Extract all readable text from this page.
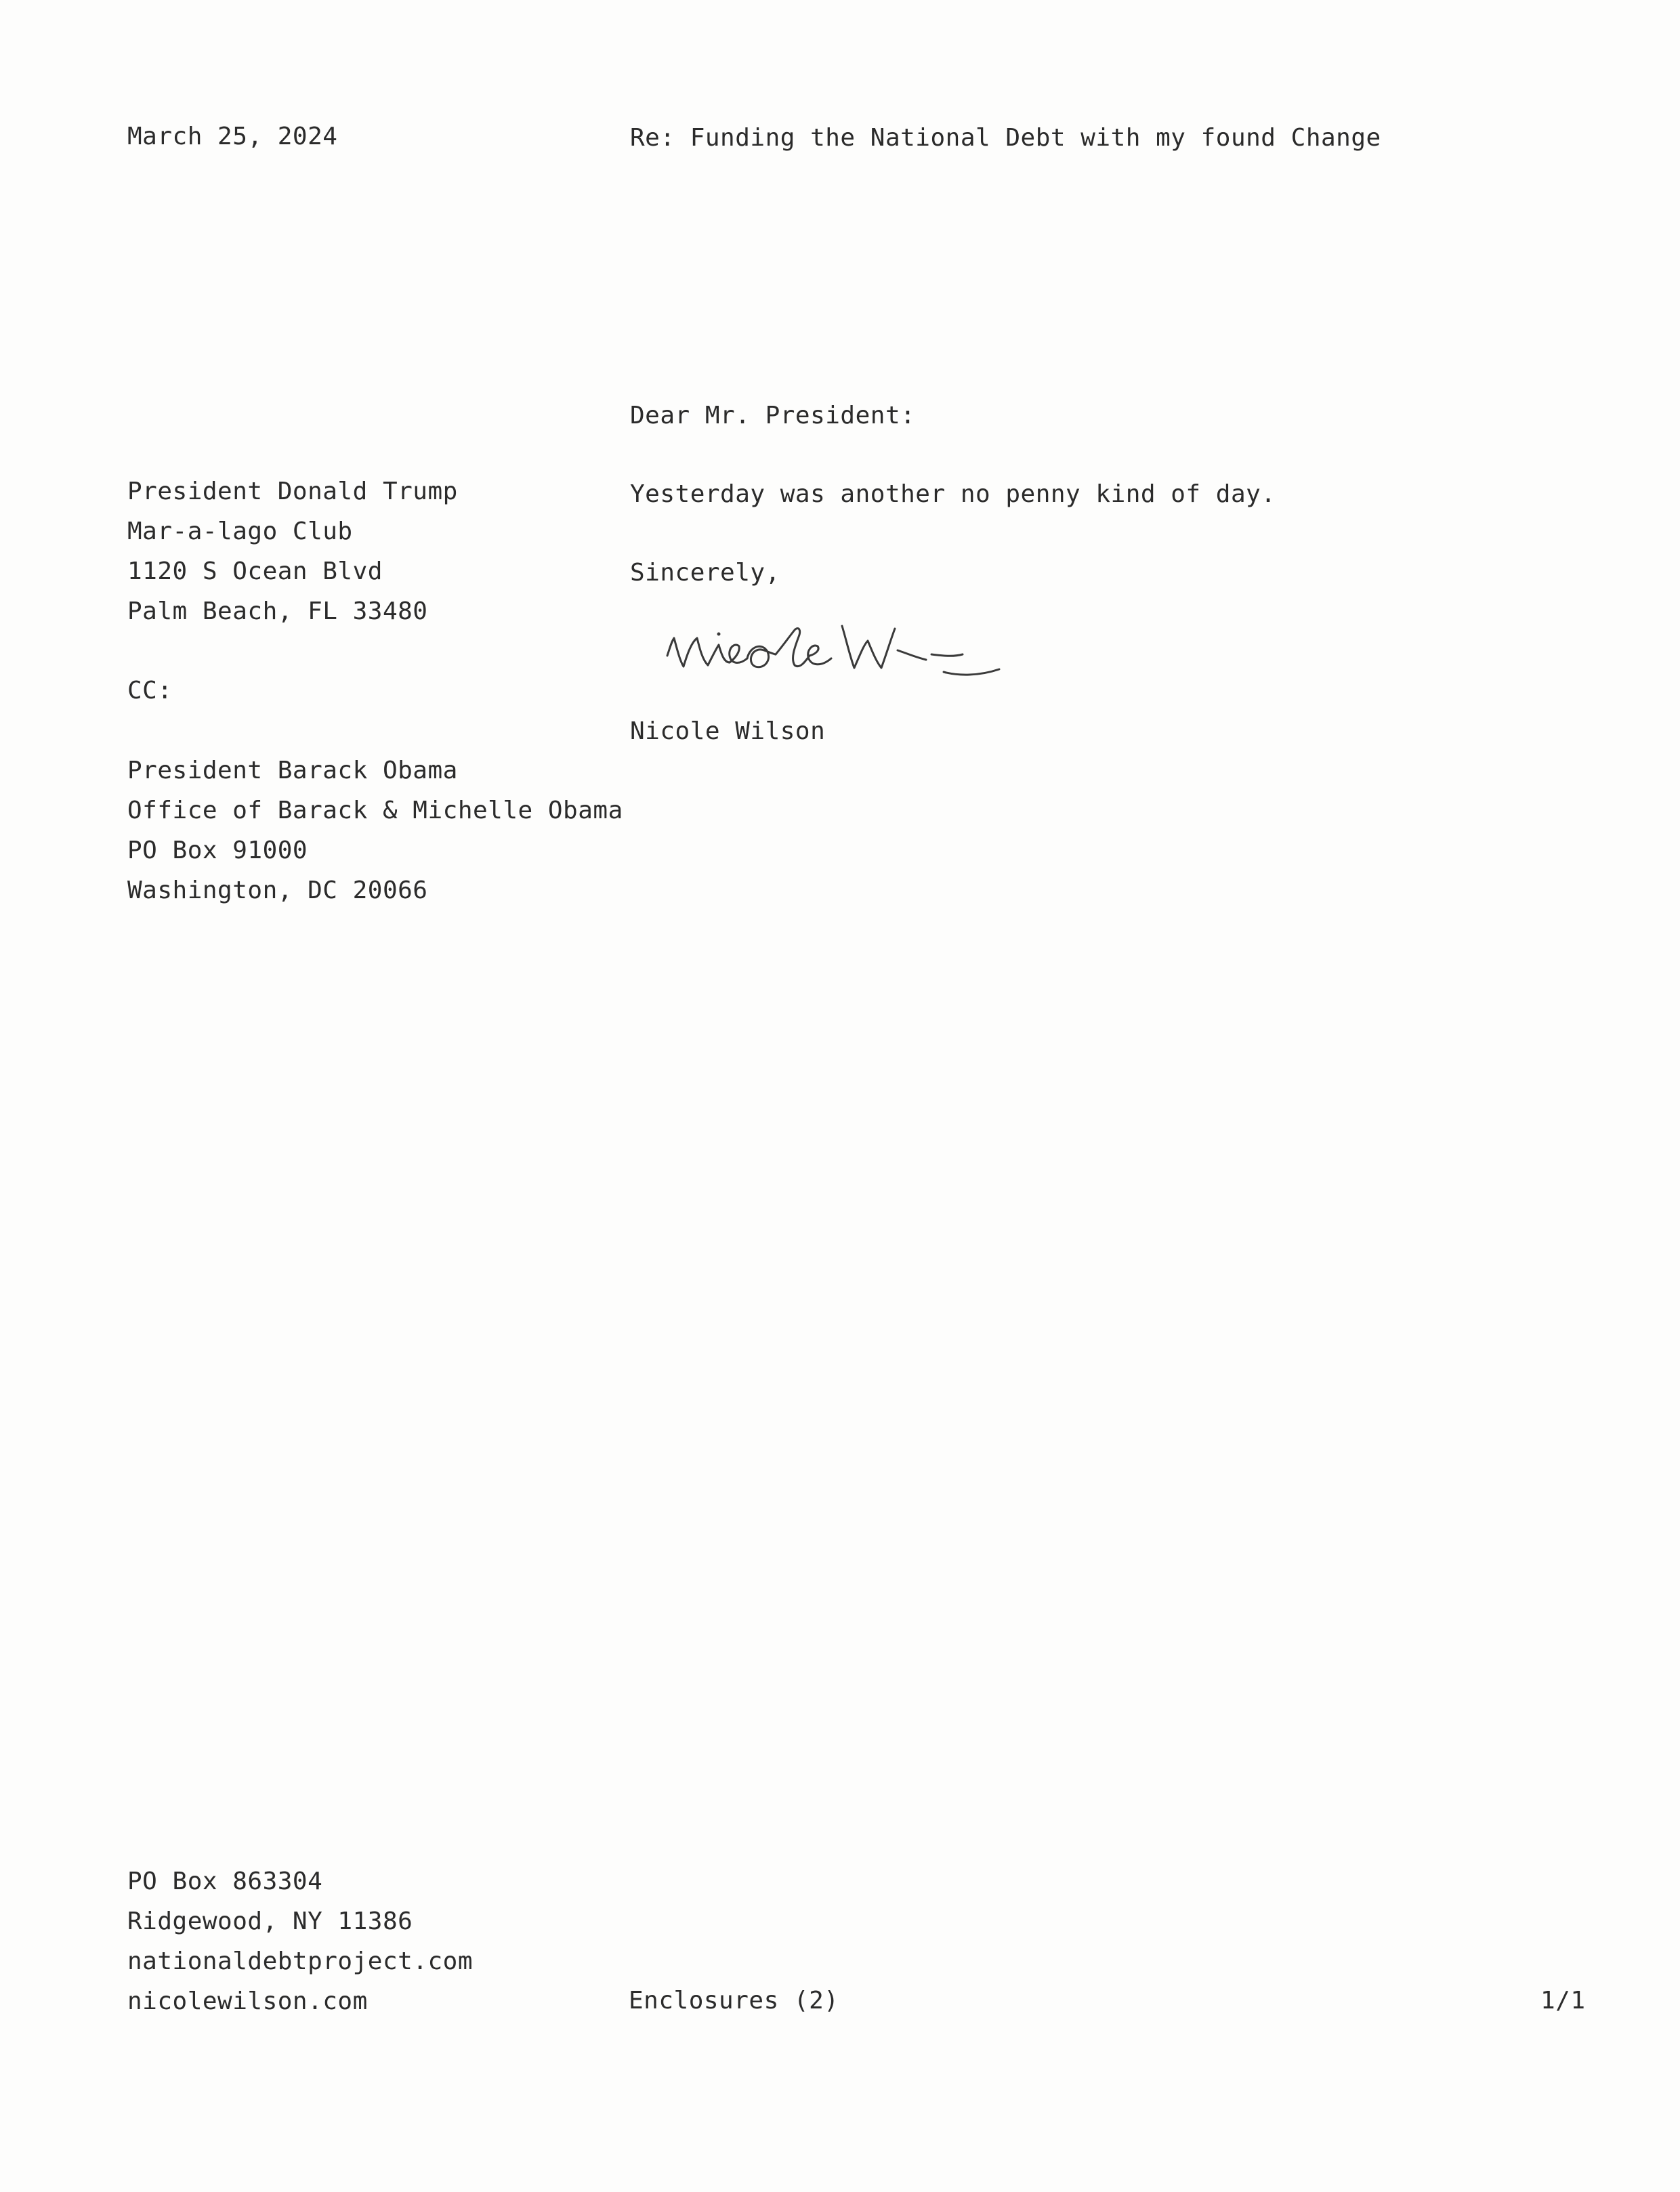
March 25, 2024	Re: Funding the National Debt with my found Change
Dear Mr. President:
Yesterday was another no penny kind of day.
Sincerely,
Nicole Wilson
President Donald Trump
Mar-a-lago Club
1120 S Ocean Blvd
Palm Beach, FL 33480
CC:
President Barack Obama
Office of Barack & Michelle Obama
PO Box 91000
Washington, DC 20066
PO Box 863304
Ridgewood, NY 11386
nationaldebtproject.com
nicolewilson.com	Enclosures (2)	1/1
